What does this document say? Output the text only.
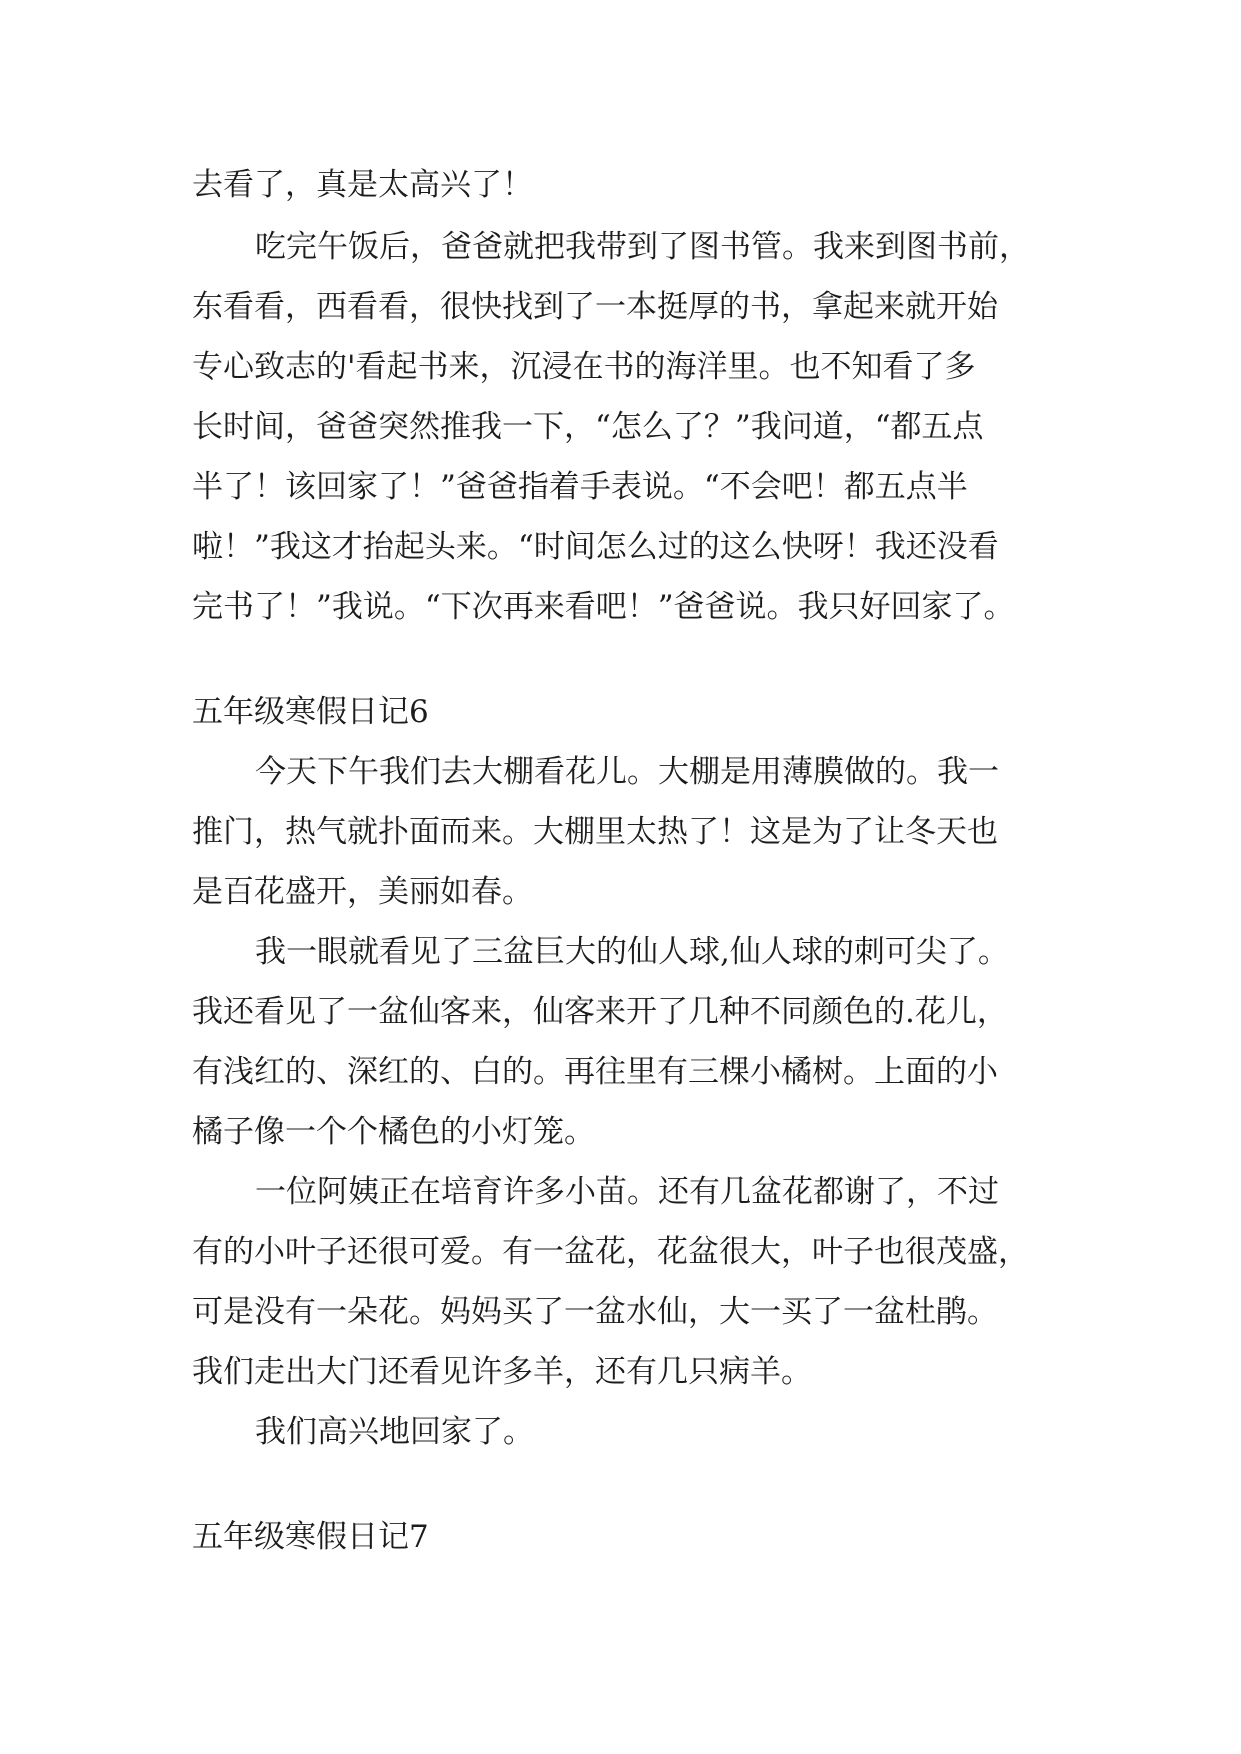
去看了，真是太高兴了！
吃完午饭后，爸爸就把我带到了图书管。我来到图书前，
东看看，西看看，很快找到了一本挺厚的书，拿起来就开始
专心致志的'看起书来，沉浸在书的海洋里。也不知看了多
长时间，爸爸突然推我一下，“怎么了？”我问道，“都五点
半了！该回家了！”爸爸指着手表说。“不会吧！都五点半
啦！”我这才抬起头来。“时间怎么过的这么快呀！我还没看
完书了！”我说。“下次再来看吧！”爸爸说。我只好回家了。
五年级寒假日记6
今天下午我们去大棚看花儿。大棚是用薄膜做的。我一
推门，热气就扑面而来。大棚里太热了！这是为了让冬天也
是百花盛开，美丽如春。
我一眼就看见了三盆巨大的仙人球,仙人球的刺可尖了。
我还看见了一盆仙客来，仙客来开了几种不同颜色的.花儿，
有浅红的、深红的、白的。再往里有三棵小橘树。上面的小
橘子像一个个橘色的小灯笼。
一位阿姨正在培育许多小苗。还有几盆花都谢了，不过
有的小叶子还很可爱。有一盆花，花盆很大，叶子也很茂盛，
可是没有一朵花。妈妈买了一盆水仙，大一买了一盆杜鹃。
我们走出大门还看见许多羊，还有几只病羊。
我们高兴地回家了。
五年级寒假日记7
